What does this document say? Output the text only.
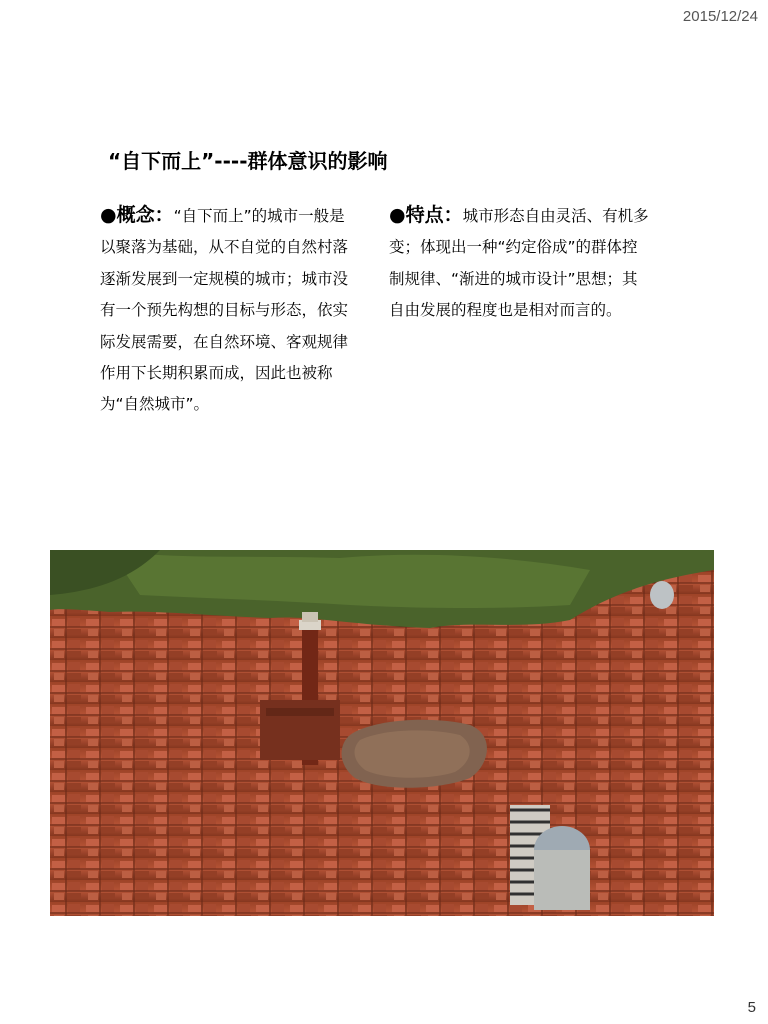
2015/12/24
“自下而上”----群体意识的影响
●概念：“自下而上”的城市一般是以聚落为基础，从不自觉的自然村落逐渐发展到一定规模的城市；城市没有一个预先构想的目标与形态，依实际发展需要，在自然环境、客观规律作用下长期积累而成，因此也被称为“自然城市”。
●特点：城市形态自由灵活、有机多变；体现出一种“约定俗成”的群体控制规律、“渐进的城市设计”思想；其自由发展的程度也是相对而言的。
5
